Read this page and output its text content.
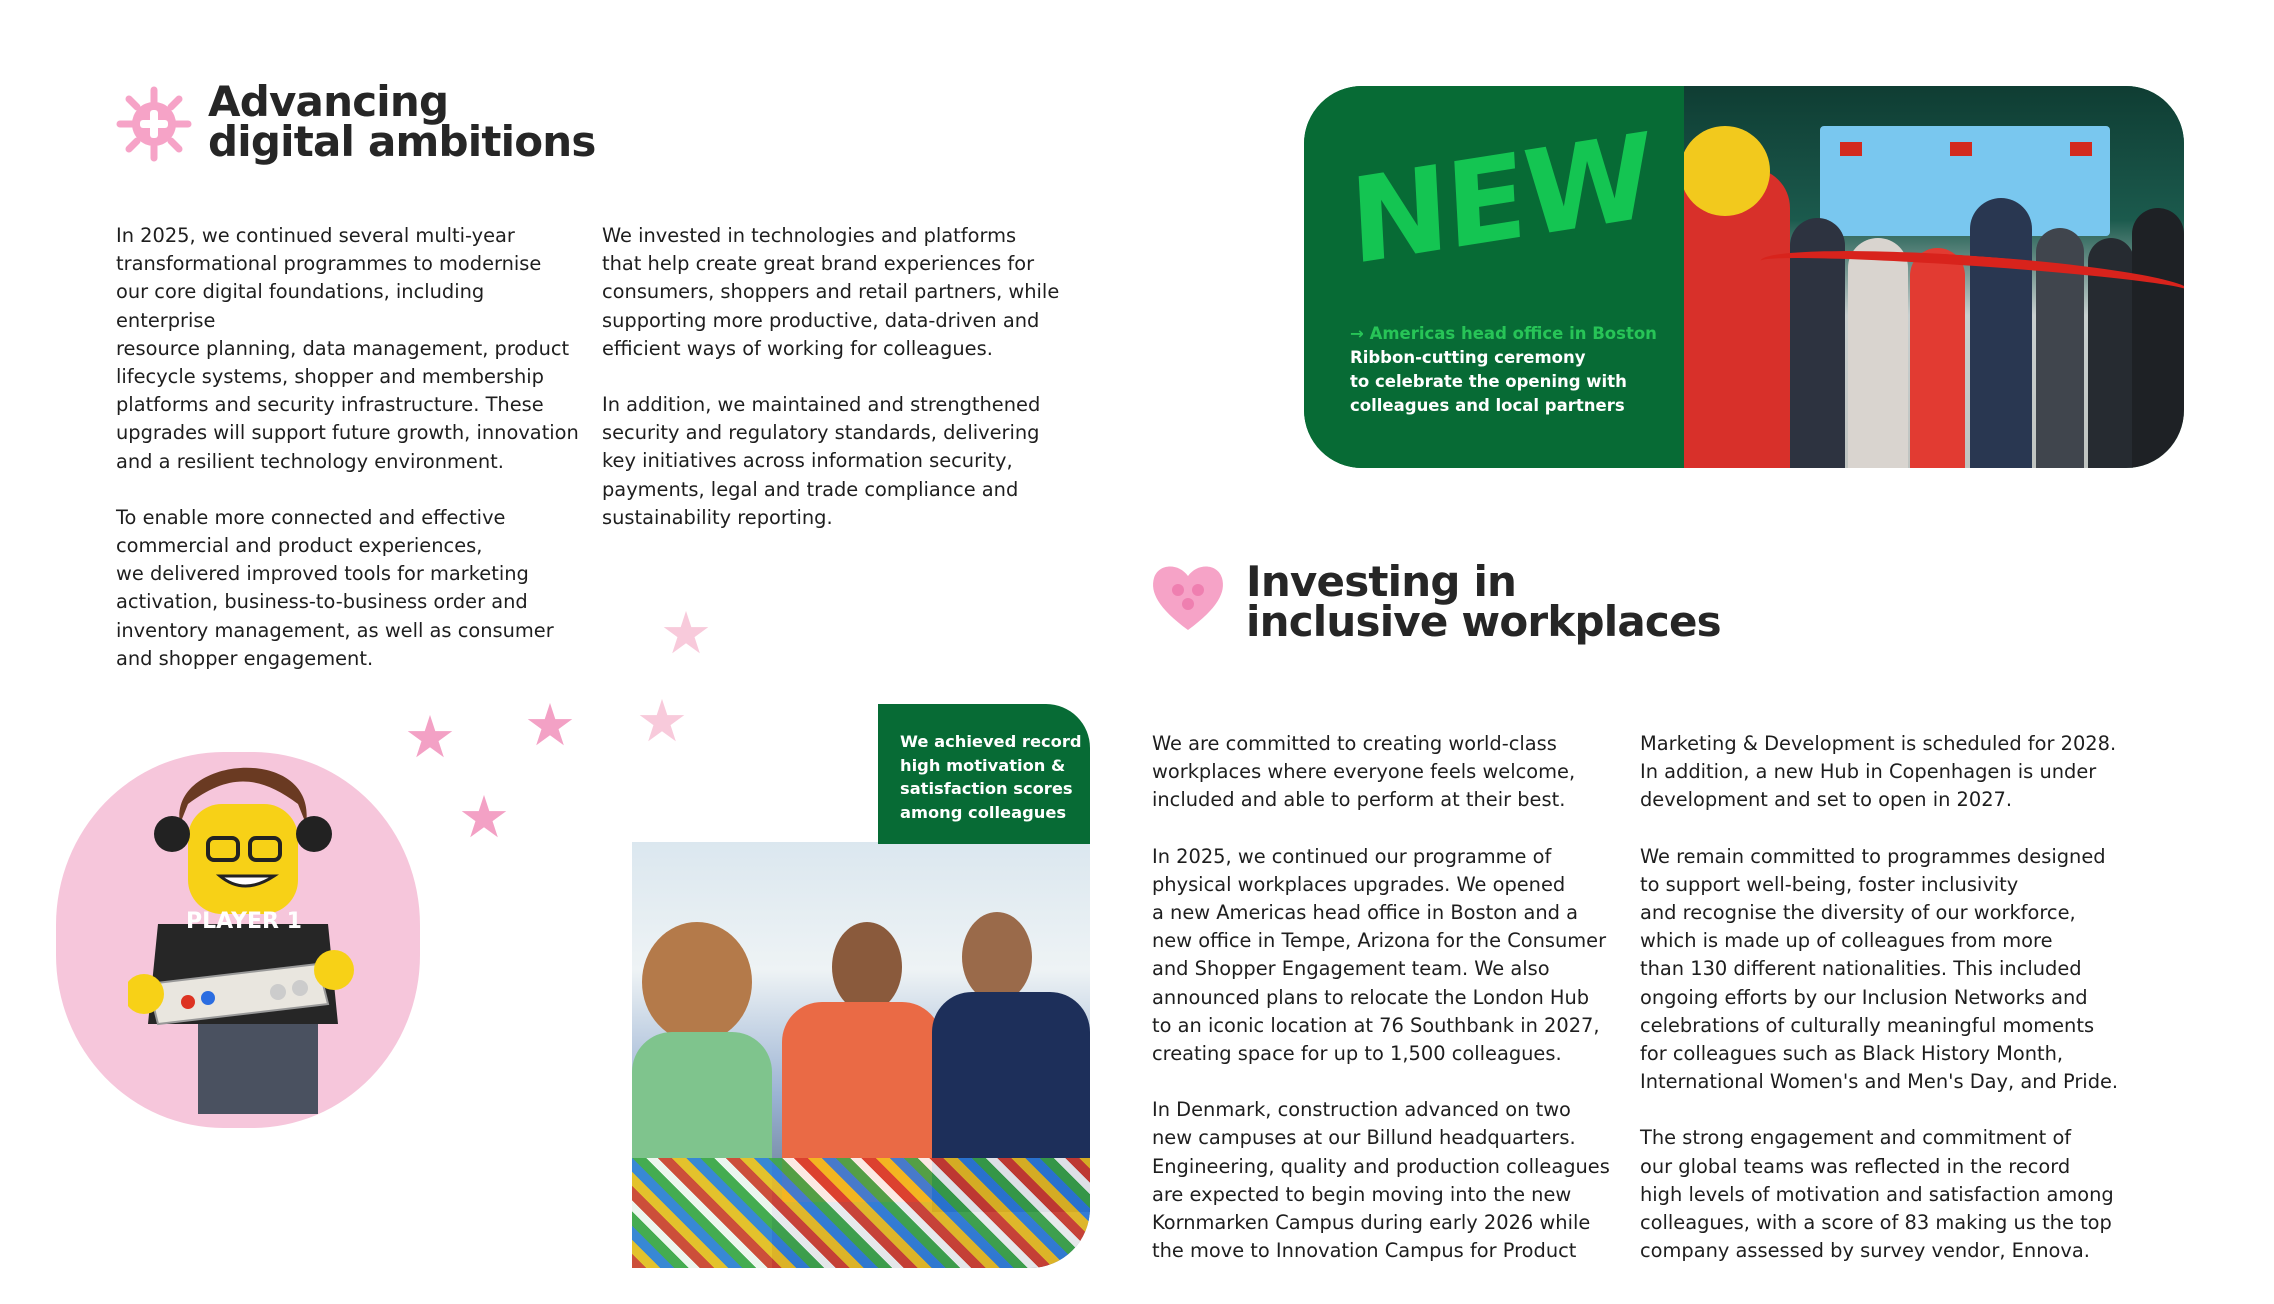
Advancing
digital ambitions

In 2025, we continued several multi-year
transformational programmes to modernise
our core digital foundations, including enterprise
resource planning, data management, product
lifecycle systems, shopper and membership
platforms and security infrastructure. These
upgrades will support future growth, innovation
and a resilient technology environment.

To enable more connected and effective
commercial and product experiences,
we delivered improved tools for marketing
activation, business-to-business order and
inventory management, as well as consumer
and shopper engagement.

We invested in technologies and platforms
that help create great brand experiences for
consumers, shoppers and retail partners, while
supporting more productive, data-driven and
efficient ways of working for colleagues.

In addition, we maintained and strengthened
security and regulatory standards, delivering
key initiatives across information security,
payments, legal and trade compliance and
sustainability reporting.

NEW
→ Americas head office in Boston
Ribbon-cutting ceremony
to celebrate the opening with
colleagues and local partners
Investing in
inclusive workplaces

We are committed to creating world-class
workplaces where everyone feels welcome,
included and able to perform at their best.

In 2025, we continued our programme of
physical workplaces upgrades. We opened
a new Americas head office in Boston and a
new office in Tempe, Arizona for the Consumer
and Shopper Engagement team. We also
announced plans to relocate the London Hub
to an iconic location at 76 Southbank in 2027,
creating space for up to 1,500 colleagues.

In Denmark, construction advanced on two
new campuses at our Billund headquarters.
Engineering, quality and production colleagues
are expected to begin moving into the new
Kornmarken Campus during early 2026 while
the move to Innovation Campus for Product

Marketing & Development is scheduled for 2028.
In addition, a new Hub in Copenhagen is under
development and set to open in 2027.

We remain committed to programmes designed
to support well-being, foster inclusivity
and recognise the diversity of our workforce,
which is made up of colleagues from more
than 130 different nationalities. This included
ongoing efforts by our Inclusion Networks and
celebrations of culturally meaningful moments
for colleagues such as Black History Month,
International Women's and Men's Day, and Pride.

The strong engagement and commitment of
our global teams was reflected in the record
high levels of motivation and satisfaction among
colleagues, with a score of 83 making us the top
company assessed by survey vendor, Ennova.

We achieved record
high motivation &
satisfaction scores
among colleagues
★
★
★ ★
★
PLAYER 1
